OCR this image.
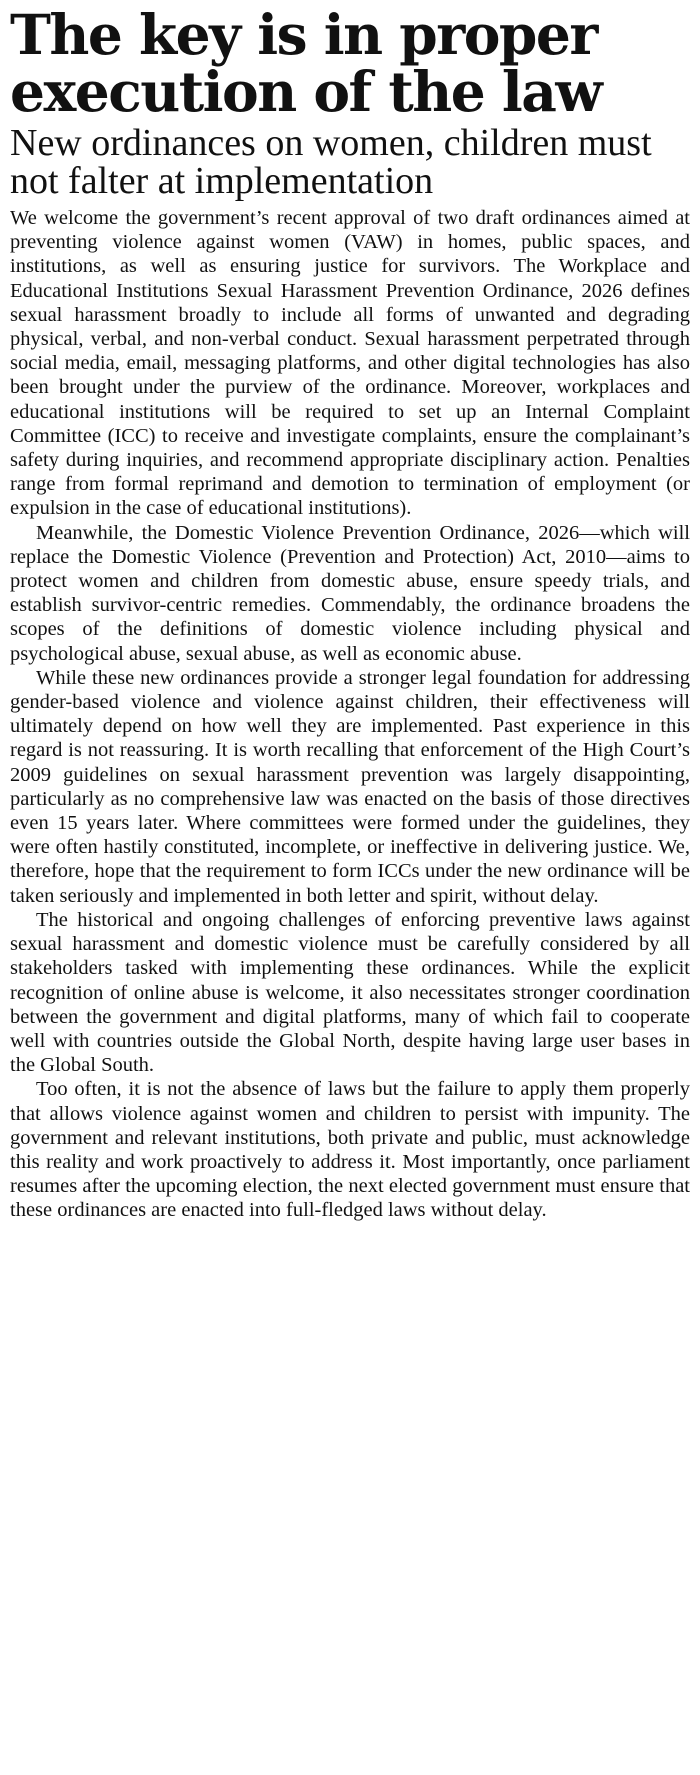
The key is in proper execution of the law
New ordinances on women, children must not falter at implementation

We welcome the government’s recent approval of two draft ordinances aimed at preventing violence against women (VAW) in homes, public spaces, and institutions, as well as ensuring justice for survivors. The Workplace and Educational Institutions Sexual Harassment Prevention Ordinance, 2026 defines sexual harassment broadly to include all forms of unwanted and degrading physical, verbal, and non-verbal conduct. Sexual harassment perpetrated through social media, email, messaging platforms, and other digital technologies has also been brought under the purview of the ordinance. Moreover, workplaces and educational institutions will be required to set up an Internal Complaint Committee (ICC) to receive and investigate complaints, ensure the complainant’s safety during inquiries, and recommend appropriate disciplinary action. Penalties range from formal reprimand and demotion to termination of employment (or expulsion in the case of educational institutions).

Meanwhile, the Domestic Violence Prevention Ordinance, 2026—which will replace the Domestic Violence (Prevention and Protection) Act, 2010—aims to protect women and children from domestic abuse, ensure speedy trials, and establish survivor-centric remedies. Commendably, the ordinance broadens the scopes of the definitions of domestic violence including physical and psychological abuse, sexual abuse, as well as economic abuse.

While these new ordinances provide a stronger legal foundation for addressing gender-based violence and violence against children, their effectiveness will ultimately depend on how well they are implemented. Past experience in this regard is not reassuring. It is worth recalling that enforcement of the High Court’s 2009 guidelines on sexual harassment prevention was largely disappointing, particularly as no comprehensive law was enacted on the basis of those directives even 15 years later. Where committees were formed under the guidelines, they were often hastily constituted, incomplete, or ineffective in delivering justice. We, therefore, hope that the requirement to form ICCs under the new ordinance will be taken seriously and implemented in both letter and spirit, without delay.

The historical and ongoing challenges of enforcing preventive laws against sexual harassment and domestic violence must be carefully considered by all stakeholders tasked with implementing these ordinances. While the explicit recognition of online abuse is welcome, it also necessitates stronger coordination between the government and digital platforms, many of which fail to cooperate well with countries outside the Global North, despite having large user bases in the Global South.

Too often, it is not the absence of laws but the failure to apply them properly that allows violence against women and children to persist with impunity. The government and relevant institutions, both private and public, must acknowledge this reality and work proactively to address it. Most importantly, once parliament resumes after the upcoming election, the next elected government must ensure that these ordinances are enacted into full-fledged laws without delay.
